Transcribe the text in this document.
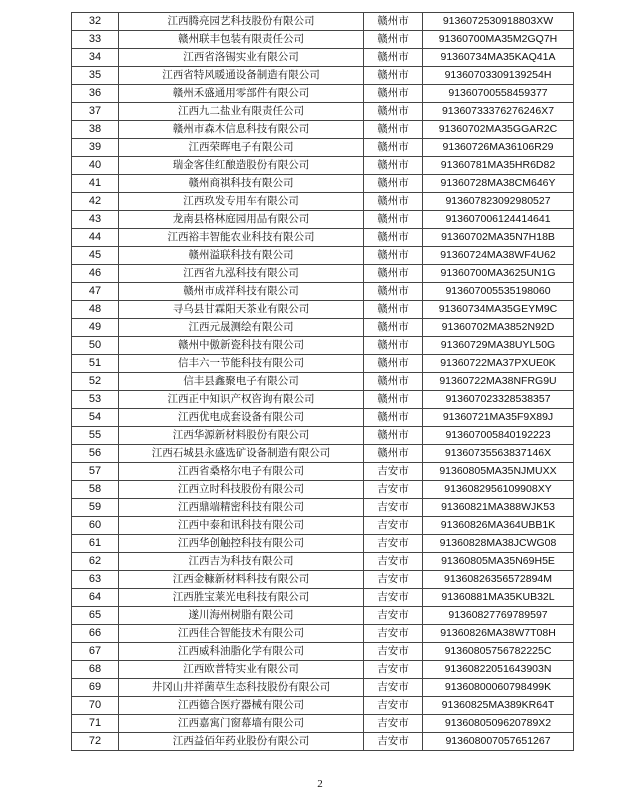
32	江西腾亮园艺科技股份有限公司	赣州市	9136072530918803XW
33	赣州联丰包装有限责任公司	赣州市	91360700MA35M2GQ7H
34	江西省洛锡实业有限公司	赣州市	91360734MA35KAQ41A
35	江西省特风暖通设备制造有限公司	赣州市	91360703309139254H
36	赣州禾盛通用零部件有限公司	赣州市	91360700558459377
37	江西九二盐业有限责任公司	赣州市	91360733376276246X7
38	赣州市森木信息科技有限公司	赣州市	91360702MA35GGAR2C
39	江西荣晖电子有限公司	赣州市	91360726MA36106R29
40	瑞金客佳红酿造股份有限公司	赣州市	91360781MA35HR6D82
41	赣州商祺科技有限公司	赣州市	91360728MA38CM646Y
42	江西玖发专用车有限公司	赣州市	913607823092980527
43	龙南县格林庭园用品有限公司	赣州市	913607006124414641
44	江西裕丰智能农业科技有限公司	赣州市	91360702MA35N7H18B
45	赣州溢联科技有限公司	赣州市	91360724MA38WF4U62
46	江西省九泓科技有限公司	赣州市	91360700MA3625UN1G
47	赣州市成祥科技有限公司	赣州市	913607005535198060
48	寻乌县甘霖阳天茶业有限公司	赣州市	91360734MA35GEYM9C
49	江西元晟测绘有限公司	赣州市	91360702MA3852N92D
50	赣州中傲新瓷科技有限公司	赣州市	91360729MA38UYL50G
51	信丰六一节能科技有限公司	赣州市	91360722MA37PXUE0K
52	信丰县鑫聚电子有限公司	赣州市	91360722MA38NFRG9U
53	江西正中知识产权咨询有限公司	赣州市	913607023328538357
54	江西优电成套设备有限公司	赣州市	91360721MA35F9X89J
55	江西华源新材料股份有限公司	赣州市	913607005840192223
56	江西石城县永盛选矿设备制造有限公司	赣州市	91360735563837146X
57	江西省桑格尔电子有限公司	吉安市	91360805MA35NJMUXX
58	江西立时科技股份有限公司	吉安市	9136082956109908XY
59	江西鼎端精密科技有限公司	吉安市	91360821MA388WJK53
60	江西中泰和讯科技有限公司	吉安市	91360826MA364UBB1K
61	江西华创触控科技有限公司	吉安市	91360828MA38JCWG08
62	江西吉为科技有限公司	吉安市	91360805MA35N69H5E
63	江西金糠新材料科技有限公司	吉安市	91360826356572894M
64	江西胜宝莱光电科技有限公司	吉安市	91360881MA35KUB32L
65	遂川海州树脂有限公司	吉安市	91360827769789597
66	江西佳合智能技术有限公司	吉安市	91360826MA38W7T08H
67	江西威科油脂化学有限公司	吉安市	91360805756782225C
68	江西欧普特实业有限公司	吉安市	91360822051643903N
69	井冈山井祥菌草生态科技股份有限公司	吉安市	91360800060798499K
70	江西德合医疗器械有限公司	吉安市	91360825MA389KR64T
71	江西嘉寓门窗幕墙有限公司	吉安市	9136080509620789X2
72	江西益佰年药业股份有限公司	吉安市	913608007057651267
2
